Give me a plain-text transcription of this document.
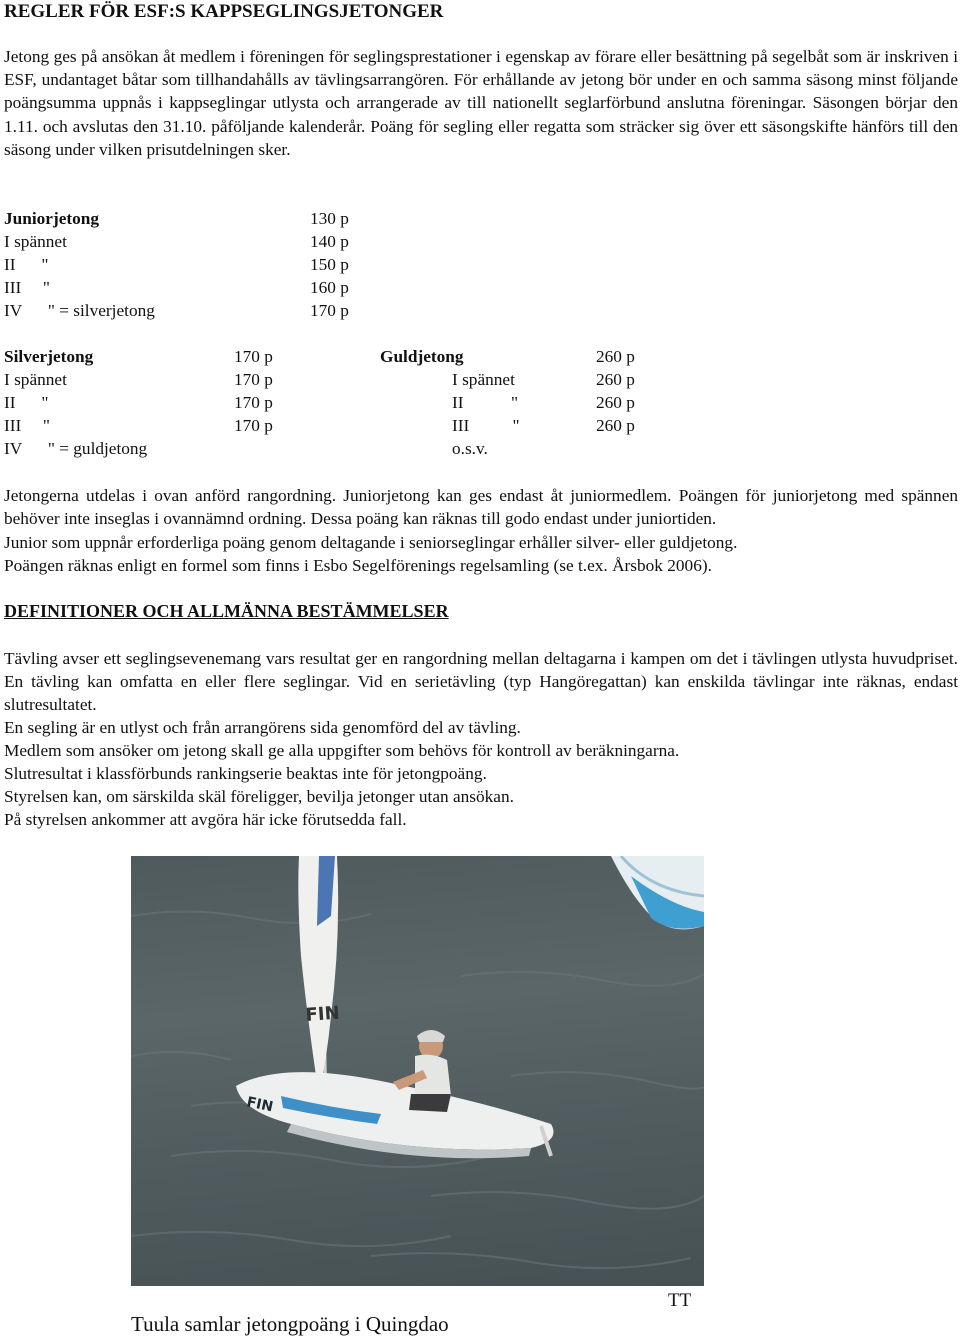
REGLER FÖR ESF:S KAPPSEGLINGSJETONGER

Jetong ges på ansökan åt medlem i föreningen för seglingsprestationer i egenskap av förare eller besättning på segelbåt som är inskriven i ESF, undantaget båtar som tillhandahålls av tävlingsarrangören. För erhållande av jetong bör under en och samma säsong minst följande poängsumma uppnås i kappseglingar utlysta och arrangerade av till nationellt seglarförbund anslutna föreningar. Säsongen börjar den 1.11. och avslutas den 31.10. påföljande kalenderår. Poäng för segling eller regatta som sträcker sig över ett säsongskifte hänförs till den säsong under vilken prisutdelningen sker.

Juniorjetong	130 p
I spännet	140 p
II      "	150 p
III     "	160 p
IV      " = silverjetong	170 p
Silverjetong	170 p
I spännet	170 p
II      "	170 p
III     "	170 p
IV      " = guldjetong
Guldjetong	260 p
I spännet	260 p
II           "	260 p
III          "	260 p
o.s.v.

Jetongerna utdelas i ovan anförd rangordning. Juniorjetong kan ges endast åt juniormedlem. Poängen för juniorjetong med spännen behöver inte inseglas i ovannämnd ordning. Dessa poäng kan räknas till godo endast under juniortiden.

Junior som uppnår erforderliga poäng genom deltagande i seniorseglingar erhåller silver- eller guldjetong.
Poängen räknas enligt en formel som finns i Esbo Segelförenings regelsamling (se t.ex. Årsbok 2006).
DEFINITIONER OCH ALLMÄNNA BESTÄMMELSER

Tävling avser ett seglingsevenemang vars resultat ger en rangordning mellan deltagarna i kampen om det i tävlingen utlysta huvudpriset. En tävling kan omfatta en eller flere seglingar. Vid en serietävling (typ Hangöregattan) kan enskilda tävlingar inte räknas, endast slutresultatet.

En segling är en utlyst och från arrangörens sida genomförd del av tävling.
Medlem som ansöker om jetong skall ge alla uppgifter som behövs för kontroll av beräkningarna.
Slutresultat i klassförbunds rankingserie beaktas inte för jetongpoäng.
Styrelsen kan, om särskilda skäl föreligger, bevilja jetonger utan ansökan.
På styrelsen ankommer att avgöra här icke förutsedda fall.
FIN
FIN
Tuula samlar jetongpoäng i Quingdao
TT
